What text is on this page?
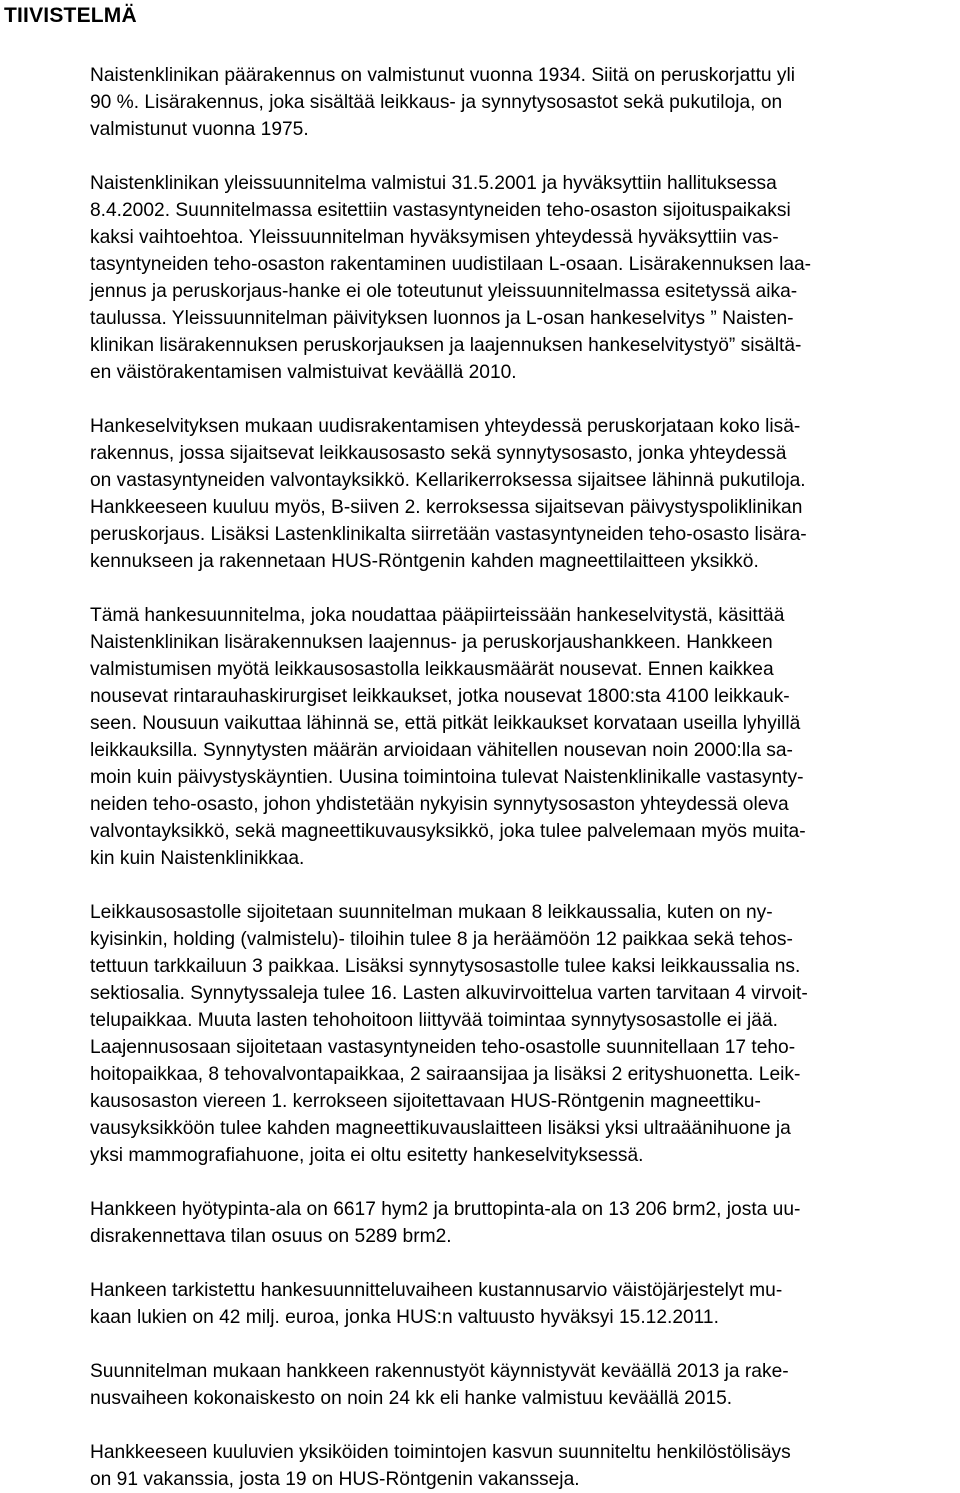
TIIVISTELMÄ

Naistenklinikan päärakennus on valmistunut vuonna 1934. Siitä on peruskorjattu yli
90 %. Lisärakennus, joka sisältää leikkaus- ja synnytysosastot sekä pukutiloja, on
valmistunut vuonna 1975.

Naistenklinikan yleissuunnitelma valmistui 31.5.2001 ja hyväksyttiin hallituksessa
8.4.2002. Suunnitelmassa esitettiin vastasyntyneiden teho-osaston sijoituspaikaksi
kaksi vaihtoehtoa. Yleissuunnitelman hyväksymisen yhteydessä hyväksyttiin vas-
tasyntyneiden teho-osaston rakentaminen uudistilaan L-osaan. Lisärakennuksen laa-
jennus ja peruskorjaus-hanke ei ole toteutunut yleissuunnitelmassa esitetyssä aika-
taulussa. Yleissuunnitelman päivityksen luonnos ja L-osan hankeselvitys ” Naisten-
klinikan lisärakennuksen peruskorjauksen ja laajennuksen hankeselvitystyö” sisältä-
en väistörakentamisen valmistuivat keväällä 2010.

Hankeselvityksen mukaan uudisrakentamisen yhteydessä peruskorjataan koko lisä-
rakennus, jossa sijaitsevat leikkausosasto sekä synnytysosasto, jonka yhteydessä
on vastasyntyneiden valvontayksikkö. Kellarikerroksessa sijaitsee lähinnä pukutiloja.
Hankkeeseen kuuluu myös, B-siiven 2. kerroksessa sijaitsevan päivystyspoliklinikan
peruskorjaus. Lisäksi Lastenklinikalta siirretään vastasyntyneiden teho-osasto lisära-
kennukseen ja rakennetaan HUS-Röntgenin kahden magneettilaitteen yksikkö.

Tämä hankesuunnitelma, joka noudattaa pääpiirteissään hankeselvitystä, käsittää
Naistenklinikan lisärakennuksen laajennus- ja peruskorjaushankkeen. Hankkeen
valmistumisen myötä leikkausosastolla leikkausmäärät nousevat. Ennen kaikkea
nousevat rintarauhaskirurgiset leikkaukset, jotka nousevat 1800:sta 4100 leikkauk-
seen. Nousuun vaikuttaa lähinnä se, että pitkät leikkaukset korvataan useilla lyhyillä
leikkauksilla. Synnytysten määrän arvioidaan vähitellen nousevan noin 2000:lla sa-
moin kuin päivystyskäyntien. Uusina toimintoina tulevat Naistenklinikalle vastasynty-
neiden teho-osasto, johon yhdistetään nykyisin synnytysosaston yhteydessä oleva
valvontayksikkö, sekä magneettikuvausyksikkö, joka tulee palvelemaan myös muita-
kin kuin Naistenklinikkaa.

Leikkausosastolle sijoitetaan suunnitelman mukaan 8 leikkaussalia, kuten on ny-
kyisinkin, holding (valmistelu)- tiloihin tulee 8 ja heräämöön 12 paikkaa sekä tehos-
tettuun tarkkailuun 3 paikkaa. Lisäksi synnytysosastolle tulee kaksi leikkaussalia ns.
sektiosalia. Synnytyssaleja tulee 16. Lasten alkuvirvoittelua varten tarvitaan 4 virvoit-
telupaikkaa. Muuta lasten tehohoitoon liittyvää toimintaa synnytysosastolle ei jää.
Laajennusosaan sijoitetaan vastasyntyneiden teho-osastolle suunnitellaan 17 teho-
hoitopaikkaa, 8 tehovalvontapaikkaa, 2 sairaansijaa ja lisäksi 2 erityshuonetta. Leik-
kausosaston viereen 1. kerrokseen sijoitettavaan HUS-Röntgenin magneettiku-
vausyksikköön tulee kahden magneettikuvauslaitteen lisäksi yksi ultraäänihuone ja
yksi mammografiahuone, joita ei oltu esitetty hankeselvityksessä.

Hankkeen hyötypinta-ala on 6617 hym2 ja bruttopinta-ala on 13 206 brm2, josta uu-
disrakennettava tilan osuus on 5289 brm2.

Hankeen tarkistettu hankesuunnitteluvaiheen kustannusarvio väistöjärjestelyt mu-
kaan lukien on 42 milj. euroa, jonka HUS:n valtuusto hyväksyi 15.12.2011.

Suunnitelman mukaan hankkeen rakennustyöt käynnistyvät keväällä 2013 ja rake-
nusvaiheen kokonaiskesto on noin 24 kk eli hanke valmistuu keväällä 2015.

Hankkeeseen kuuluvien yksiköiden toimintojen kasvun suunniteltu henkilöstölisäys
on 91 vakanssia, josta 19 on HUS-Röntgenin vakansseja.
